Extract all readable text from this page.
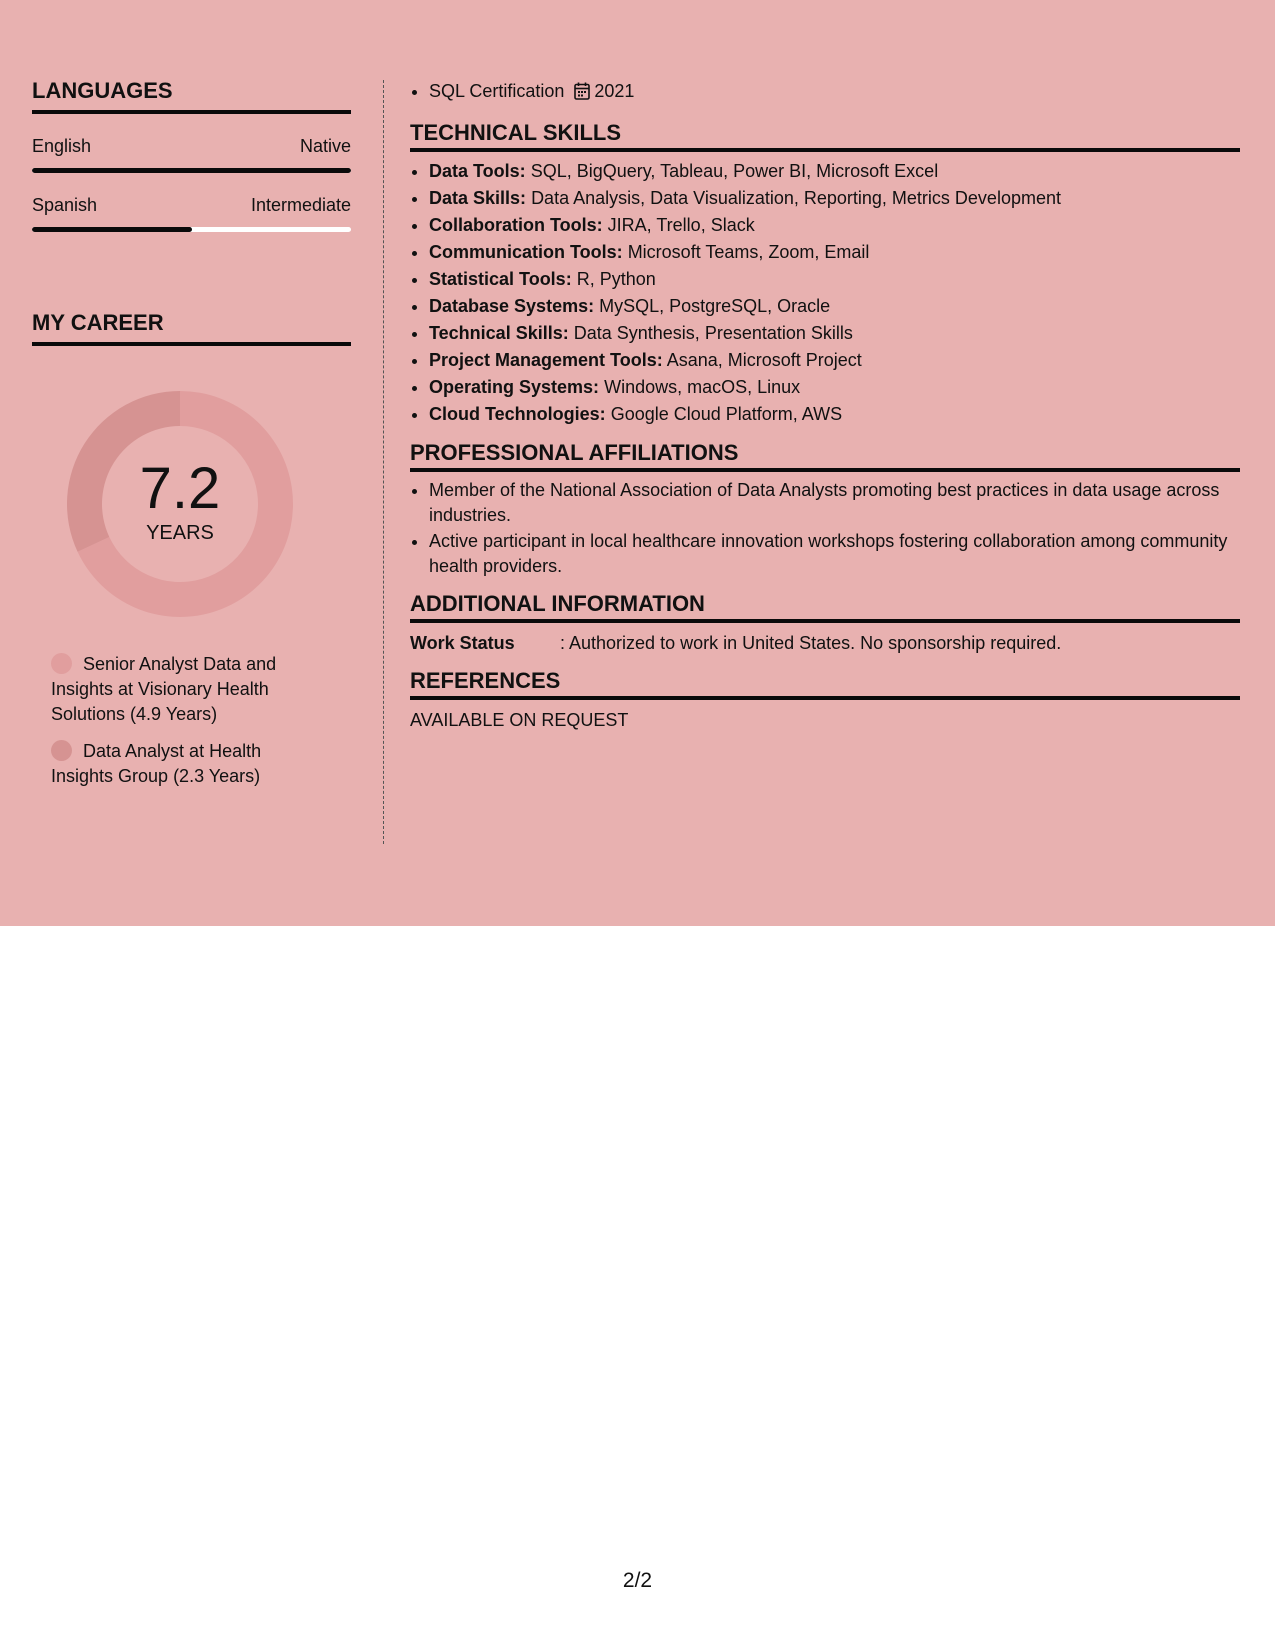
LANGUAGES
English	Native
Spanish	Intermediate
MY CAREER
7.2
YEARS
Senior Analyst Data and Insights at Visionary Health Solutions (4.9 Years)
Data Analyst at Health Insights Group (2.3 Years)
• SQL Certification 2021
TECHNICAL SKILLS
• Data Tools: SQL, BigQuery, Tableau, Power BI, Microsoft Excel
• Data Skills: Data Analysis, Data Visualization, Reporting, Metrics Development
• Collaboration Tools: JIRA, Trello, Slack
• Communication Tools: Microsoft Teams, Zoom, Email
• Statistical Tools: R, Python
• Database Systems: MySQL, PostgreSQL, Oracle
• Technical Skills: Data Synthesis, Presentation Skills
• Project Management Tools: Asana, Microsoft Project
• Operating Systems: Windows, macOS, Linux
• Cloud Technologies: Google Cloud Platform, AWS
PROFESSIONAL AFFILIATIONS
• Member of the National Association of Data Analysts promoting best practices in data usage across industries.
• Active participant in local healthcare innovation workshops fostering collaboration among community health providers.
ADDITIONAL INFORMATION
Work Status	: Authorized to work in United States. No sponsorship required.
REFERENCES
AVAILABLE ON REQUEST
2/2
